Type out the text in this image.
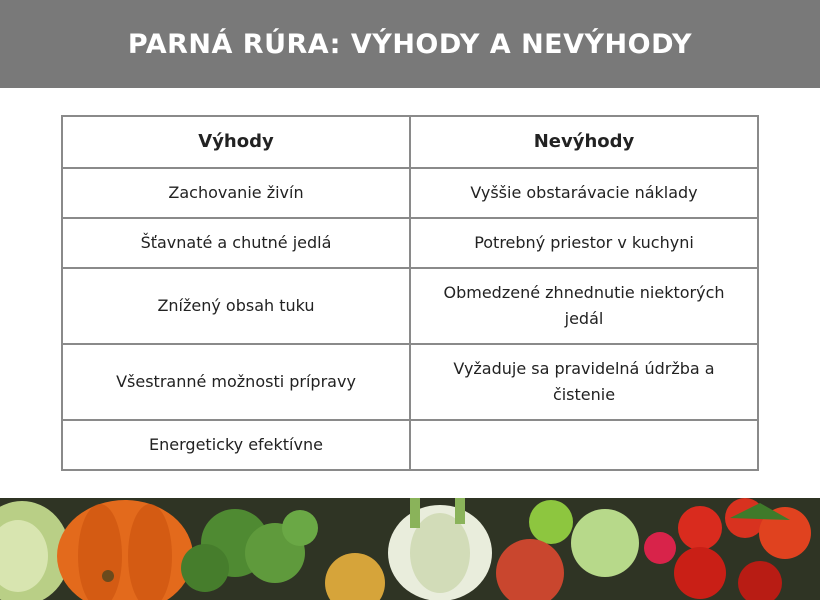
PARNÁ RÚRA: VÝHODY A NEVÝHODY
Výhody	Nevýhody
Zachovanie živín	Vyššie obstarávacie náklady
Šťavnaté a chutné jedlá	Potrebný priestor v kuchyni
Znížený obsah tuku	Obmedzené zhnednutie niektorých jedál
Všestranné možnosti prípravy	Vyžaduje sa pravidelná údržba a čistenie
Energeticky efektívne	
